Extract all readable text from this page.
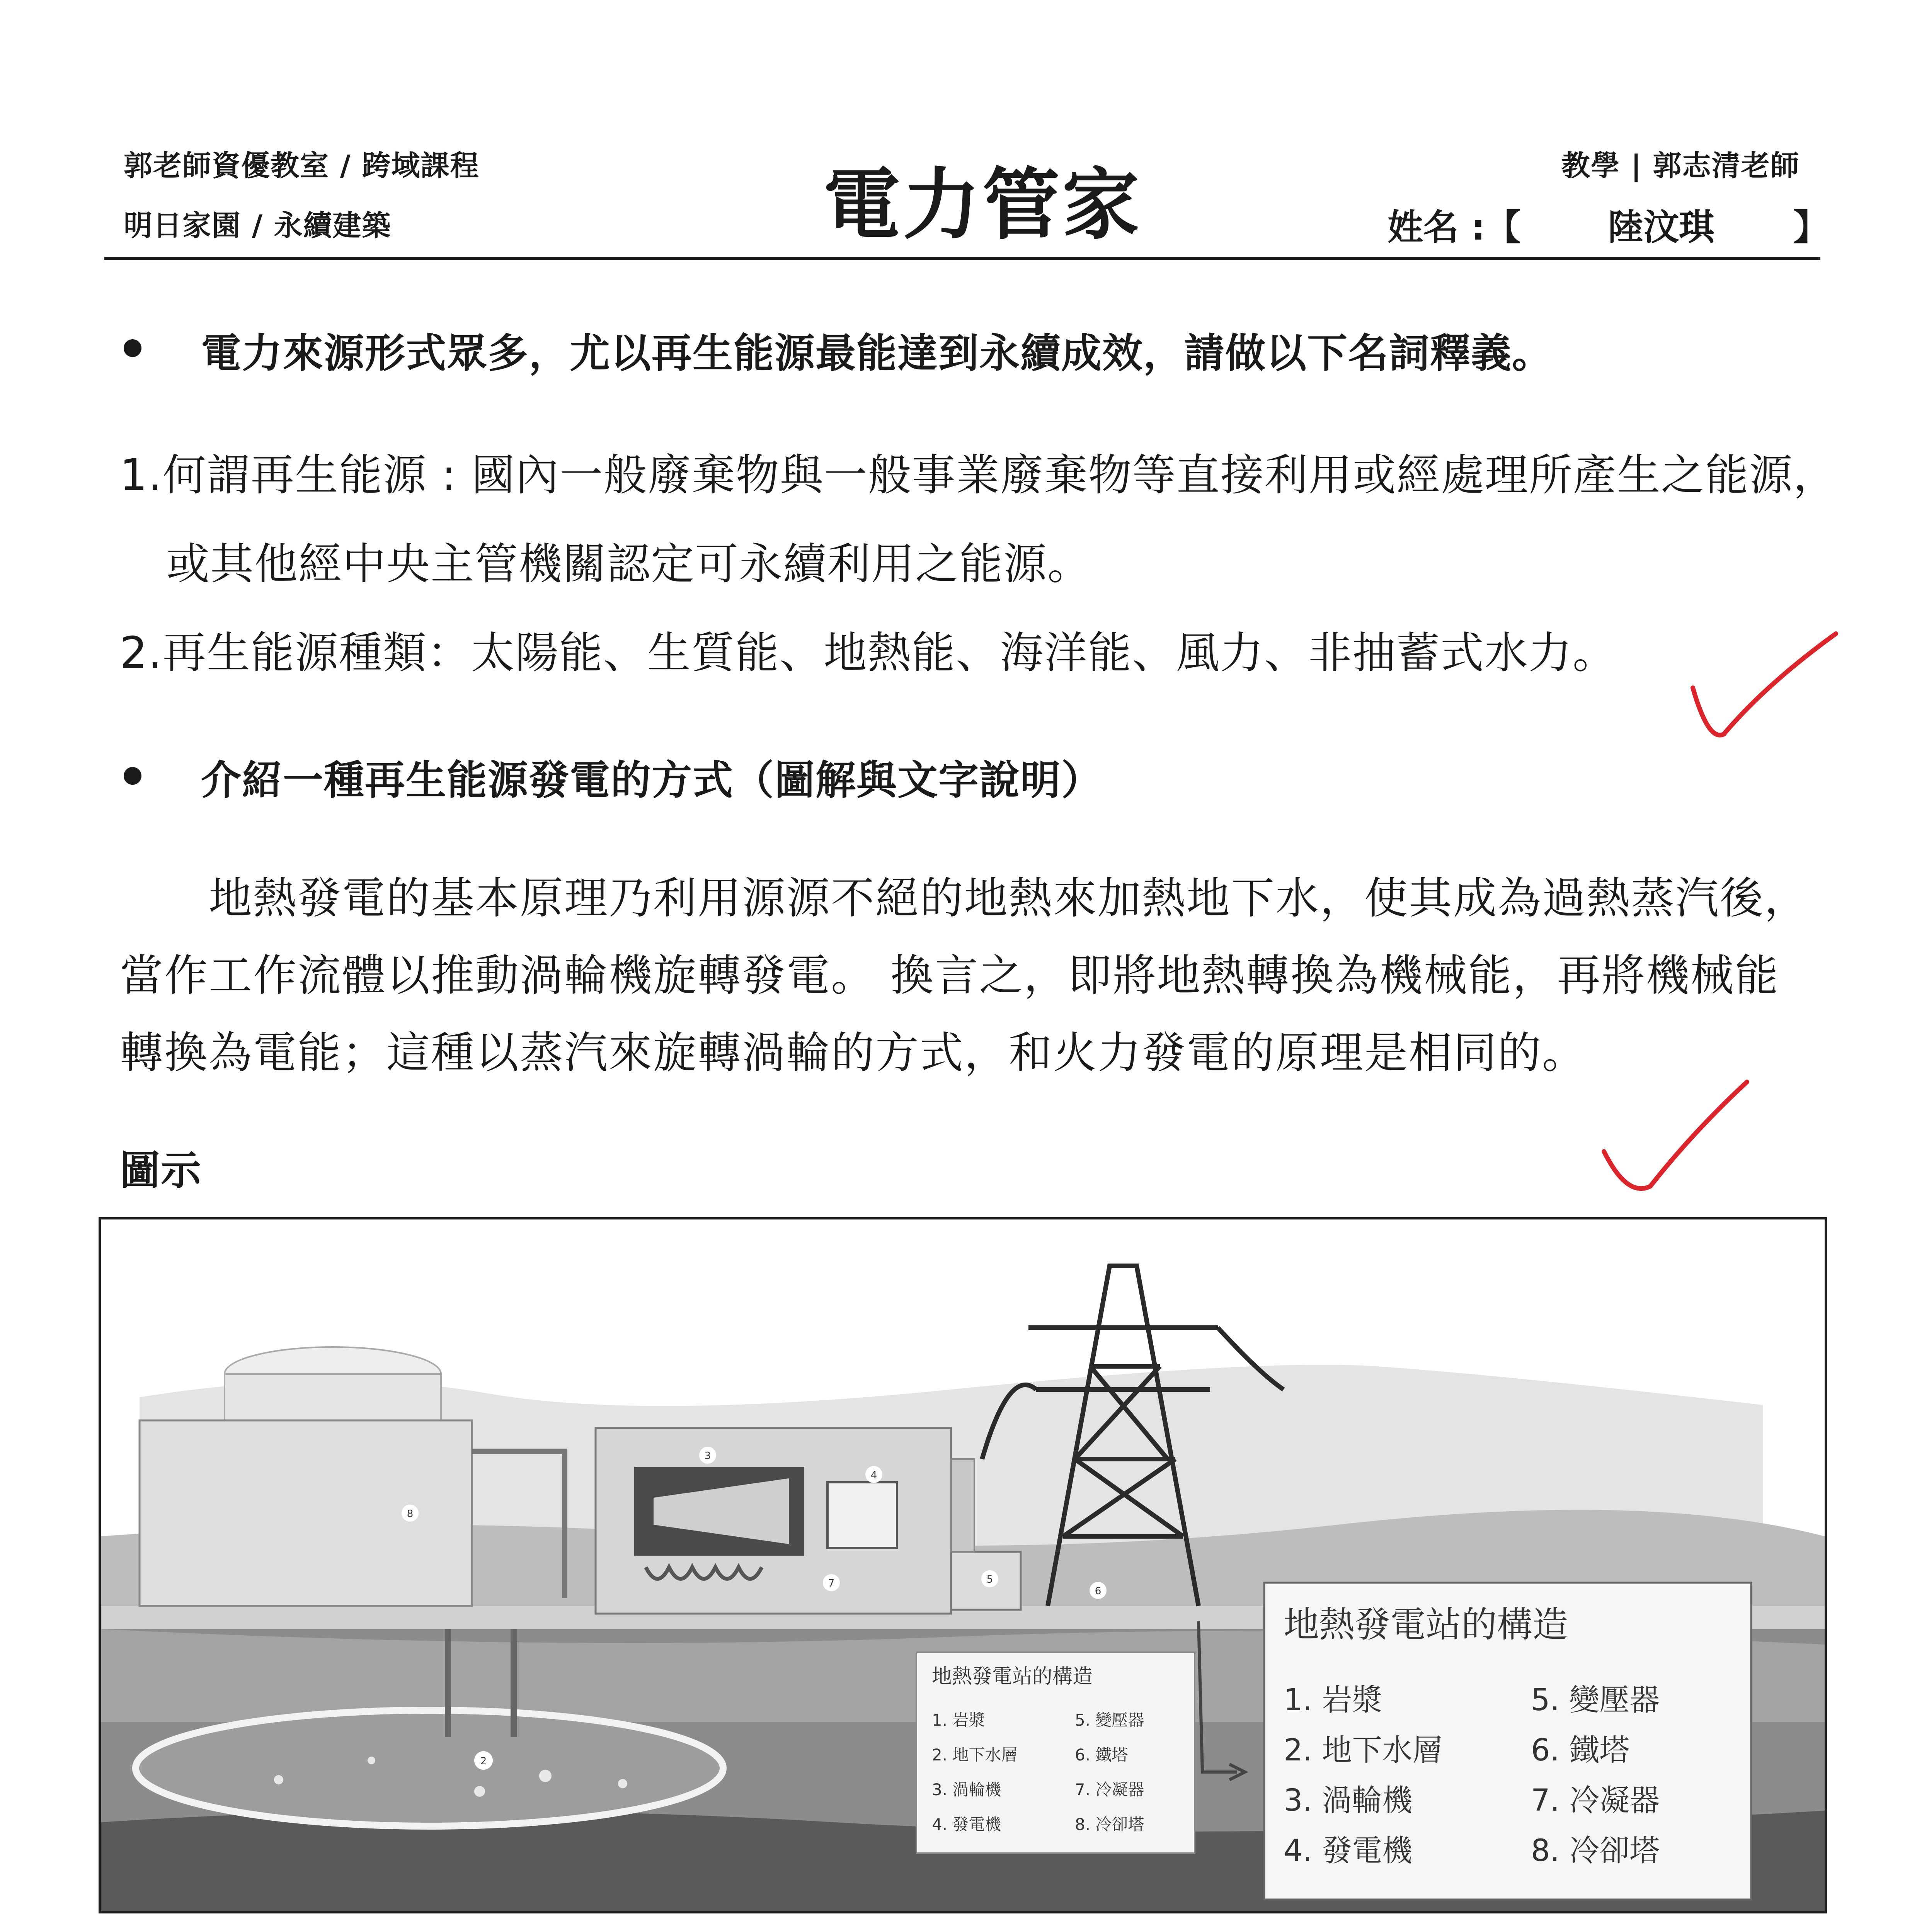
郭老師資優教室 / 跨域課程
明日家園 / 永續建築	電力管家	教學 | 郭志清老師
姓名 :【 陸汶琪 】
電力來源形式眾多，尤以再生能源最能達到永續成效，請做以下名詞釋義。
1.何謂再生能源 : 國內一般廢棄物與一般事業廢棄物等直接利用或經處理所產生之能源，
或其他經中央主管機關認定可永續利用之能源。
2.再生能源種類：太陽能、生質能、地熱能、海洋能、風力、非抽蓄式水力。
介紹一種再生能源發電的方式（圖解與文字說明）
地熱發電的基本原理乃利用源源不絕的地熱來加熱地下水，使其成為過熱蒸汽後，
當作工作流體以推動渦輪機旋轉發電。 換言之，即將地熱轉換為機械能，再將機械能
轉換為電能；這種以蒸汽來旋轉渦輪的方式，和火力發電的原理是相同的。
圖示
2
8
3
4
7	5
6
地熱發電站的構造
1. 岩漿
2. 地下水層
3. 渦輪機
4. 發電機
5. 變壓器
6. 鐵塔
7. 冷凝器
8. 冷卻塔
地熱發電站的構造
1. 岩漿
2. 地下水層
3. 渦輪機
4. 發電機
5. 變壓器
6. 鐵塔
7. 冷凝器
8. 冷卻塔
